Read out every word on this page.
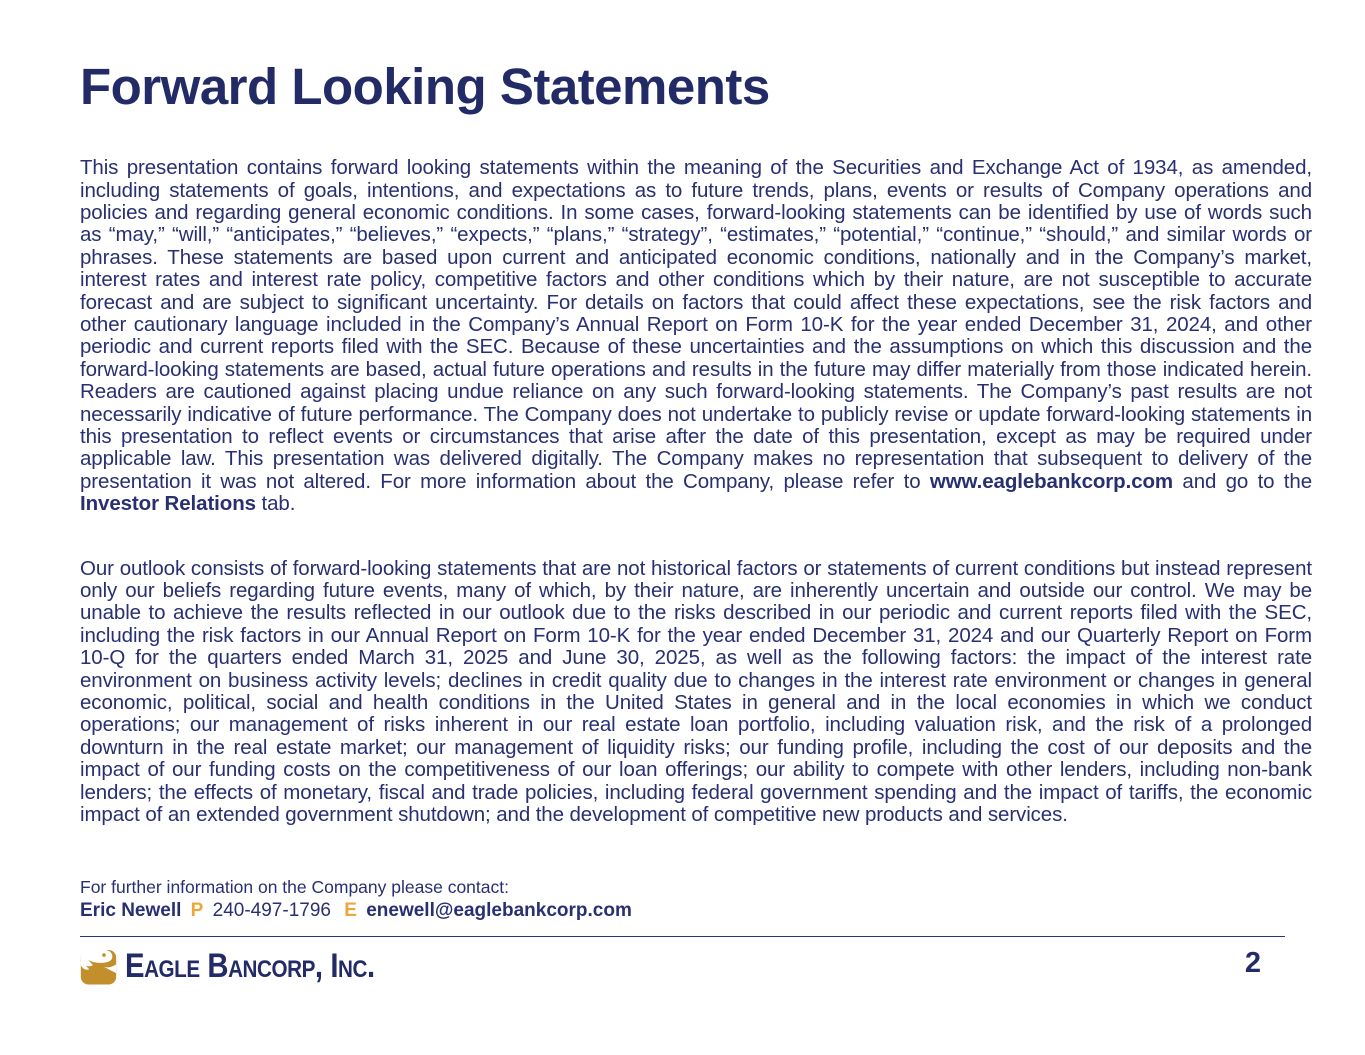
Forward Looking Statements

This presentation contains forward looking statements within the meaning of the Securities and Exchange Act of 1934, as amended, including statements of goals, intentions, and expectations as to future trends, plans, events or results of Company operations and policies and regarding general economic conditions. In some cases, forward-looking statements can be identified by use of words such as “may,” “will,” “anticipates,” “believes,” “expects,” “plans,” “strategy”, “estimates,” “potential,” “continue,” “should,” and similar words or phrases. These statements are based upon current and anticipated economic conditions, nationally and in the Company’s market, interest rates and interest rate policy, competitive factors and other conditions which by their nature, are not susceptible to accurate forecast and are subject to significant uncertainty. For details on factors that could affect these expectations, see the risk factors and other cautionary language included in the Company’s Annual Report on Form 10-K for the year ended December 31, 2024, and other periodic and current reports filed with the SEC. Because of these uncertainties and the assumptions on which this discussion and the forward-looking statements are based, actual future operations and results in the future may differ materially from those indicated herein. Readers are cautioned against placing undue reliance on any such forward-looking statements. The Company’s past results are not necessarily indicative of future performance. The Company does not undertake to publicly revise or update forward-looking statements in this presentation to reflect events or circumstances that arise after the date of this presentation, except as may be required under applicable law. This presentation was delivered digitally. The Company makes no representation that subsequent to delivery of the presentation it was not altered. For more information about the Company, please refer to www.eaglebankcorp.com and go to the Investor Relations tab.

Our outlook consists of forward-looking statements that are not historical factors or statements of current conditions but instead represent only our beliefs regarding future events, many of which, by their nature, are inherently uncertain and outside our control. We may be unable to achieve the results reflected in our outlook due to the risks described in our periodic and current reports filed with the SEC, including the risk factors in our Annual Report on Form 10-K for the year ended December 31, 2024 and our Quarterly Report on Form 10-Q for the quarters ended March 31, 2025 and June 30, 2025, as well as the following factors: the impact of the interest rate environment on business activity levels; declines in credit quality due to changes in the interest rate environment or changes in general economic, political, social and health conditions in the United States in general and in the local economies in which we conduct operations; our management of risks inherent in our real estate loan portfolio, including valuation risk, and the risk of a prolonged downturn in the real estate market; our management of liquidity risks; our funding profile, including the cost of our deposits and the impact of our funding costs on the competitiveness of our loan offerings; our ability to compete with other lenders, including non-bank lenders; the effects of monetary, fiscal and trade policies, including federal government spending and the impact of tariffs, the economic impact of an extended government shutdown; and the development of competitive new products and services.

For further information on the Company please contact:
Eric Newell P 240-497-1796 E enewell@eaglebankcorp.com
Eagle Bancorp, Inc.	2
